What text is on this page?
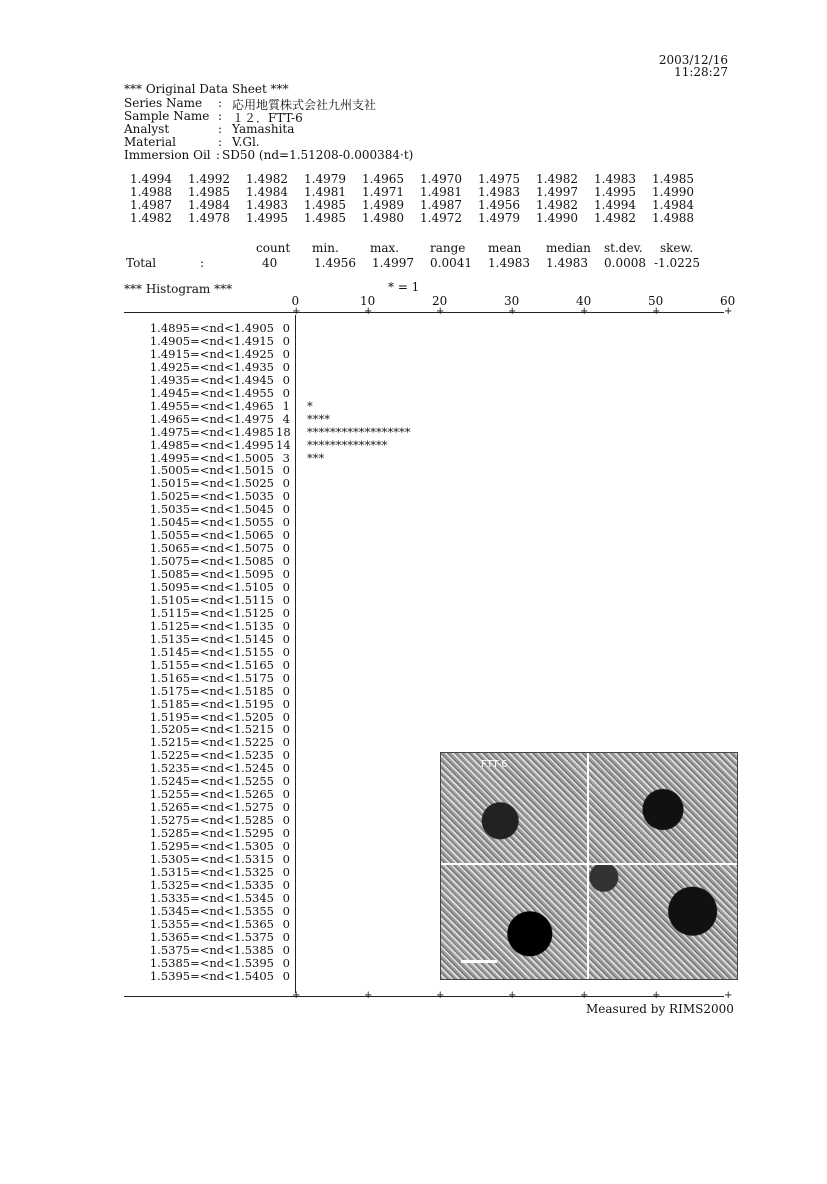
2003/12/16
11:28:27
*** Original Data Sheet ***
Series Name : 応用地質株式会社九州支社
Sample Name : １２．FTT-6
Analyst	: Yamashita
Material	: V.Gl.
Immersion Oil : SD50 (nd=1.51208-0.000384·t)
1.4994 1.4992 1.4982 1.4979 1.4965 1.4970 1.4975 1.4982 1.4983 1.4985
1.4988 1.4985 1.4984 1.4981 1.4971 1.4981 1.4983 1.4997 1.4995 1.4990
1.4987 1.4984 1.4983 1.4985 1.4989 1.4987 1.4956 1.4982 1.4994 1.4984
1.4982 1.4978 1.4995 1.4985 1.4980 1.4972 1.4979 1.4990 1.4982 1.4988
count min.	max.	range mean median st.dev. skew.
Total	:	40	1.4956 1.4997 0.0041 1.4983 1.4983 0.0008 -1.0225
*** Histogram ***	* = 1
+
0
+
10
+
20
+
30
+
40
+
50
+
60
1.4895=<nd<1.4905 0
1.4905=<nd<1.4915 0
1.4915=<nd<1.4925 0
1.4925=<nd<1.4935 0
1.4935=<nd<1.4945 0
1.4945=<nd<1.4955 0
1.4955=<nd<1.4965 1 *
1.4965=<nd<1.4975 4 ****
1.4975=<nd<1.4985 18 ******************
1.4985=<nd<1.4995 14 **************
1.4995=<nd<1.5005 3 ***
1.5005=<nd<1.5015 0
1.5015=<nd<1.5025 0
1.5025=<nd<1.5035 0
1.5035=<nd<1.5045 0
1.5045=<nd<1.5055 0
1.5055=<nd<1.5065 0
1.5065=<nd<1.5075 0
1.5075=<nd<1.5085 0
1.5085=<nd<1.5095 0
1.5095=<nd<1.5105 0
1.5105=<nd<1.5115 0
1.5115=<nd<1.5125 0
1.5125=<nd<1.5135 0
1.5135=<nd<1.5145 0
1.5145=<nd<1.5155 0
1.5155=<nd<1.5165 0
1.5165=<nd<1.5175 0
1.5175=<nd<1.5185 0
1.5185=<nd<1.5195 0
1.5195=<nd<1.5205 0
1.5205=<nd<1.5215 0
1.5215=<nd<1.5225 0
1.5225=<nd<1.5235 0
1.5235=<nd<1.5245 0
1.5245=<nd<1.5255 0
1.5255=<nd<1.5265 0
1.5265=<nd<1.5275 0
1.5275=<nd<1.5285 0
1.5285=<nd<1.5295 0
1.5295=<nd<1.5305 0
1.5305=<nd<1.5315 0
1.5315=<nd<1.5325 0
1.5325=<nd<1.5335 0
1.5335=<nd<1.5345 0
1.5345=<nd<1.5355 0
1.5355=<nd<1.5365 0
1.5365=<nd<1.5375 0
1.5375=<nd<1.5385 0
1.5385=<nd<1.5395 0
1.5395=<nd<1.5405 0
+	+	+	+	+	+	+
Measured by RIMS2000
FTT-6
